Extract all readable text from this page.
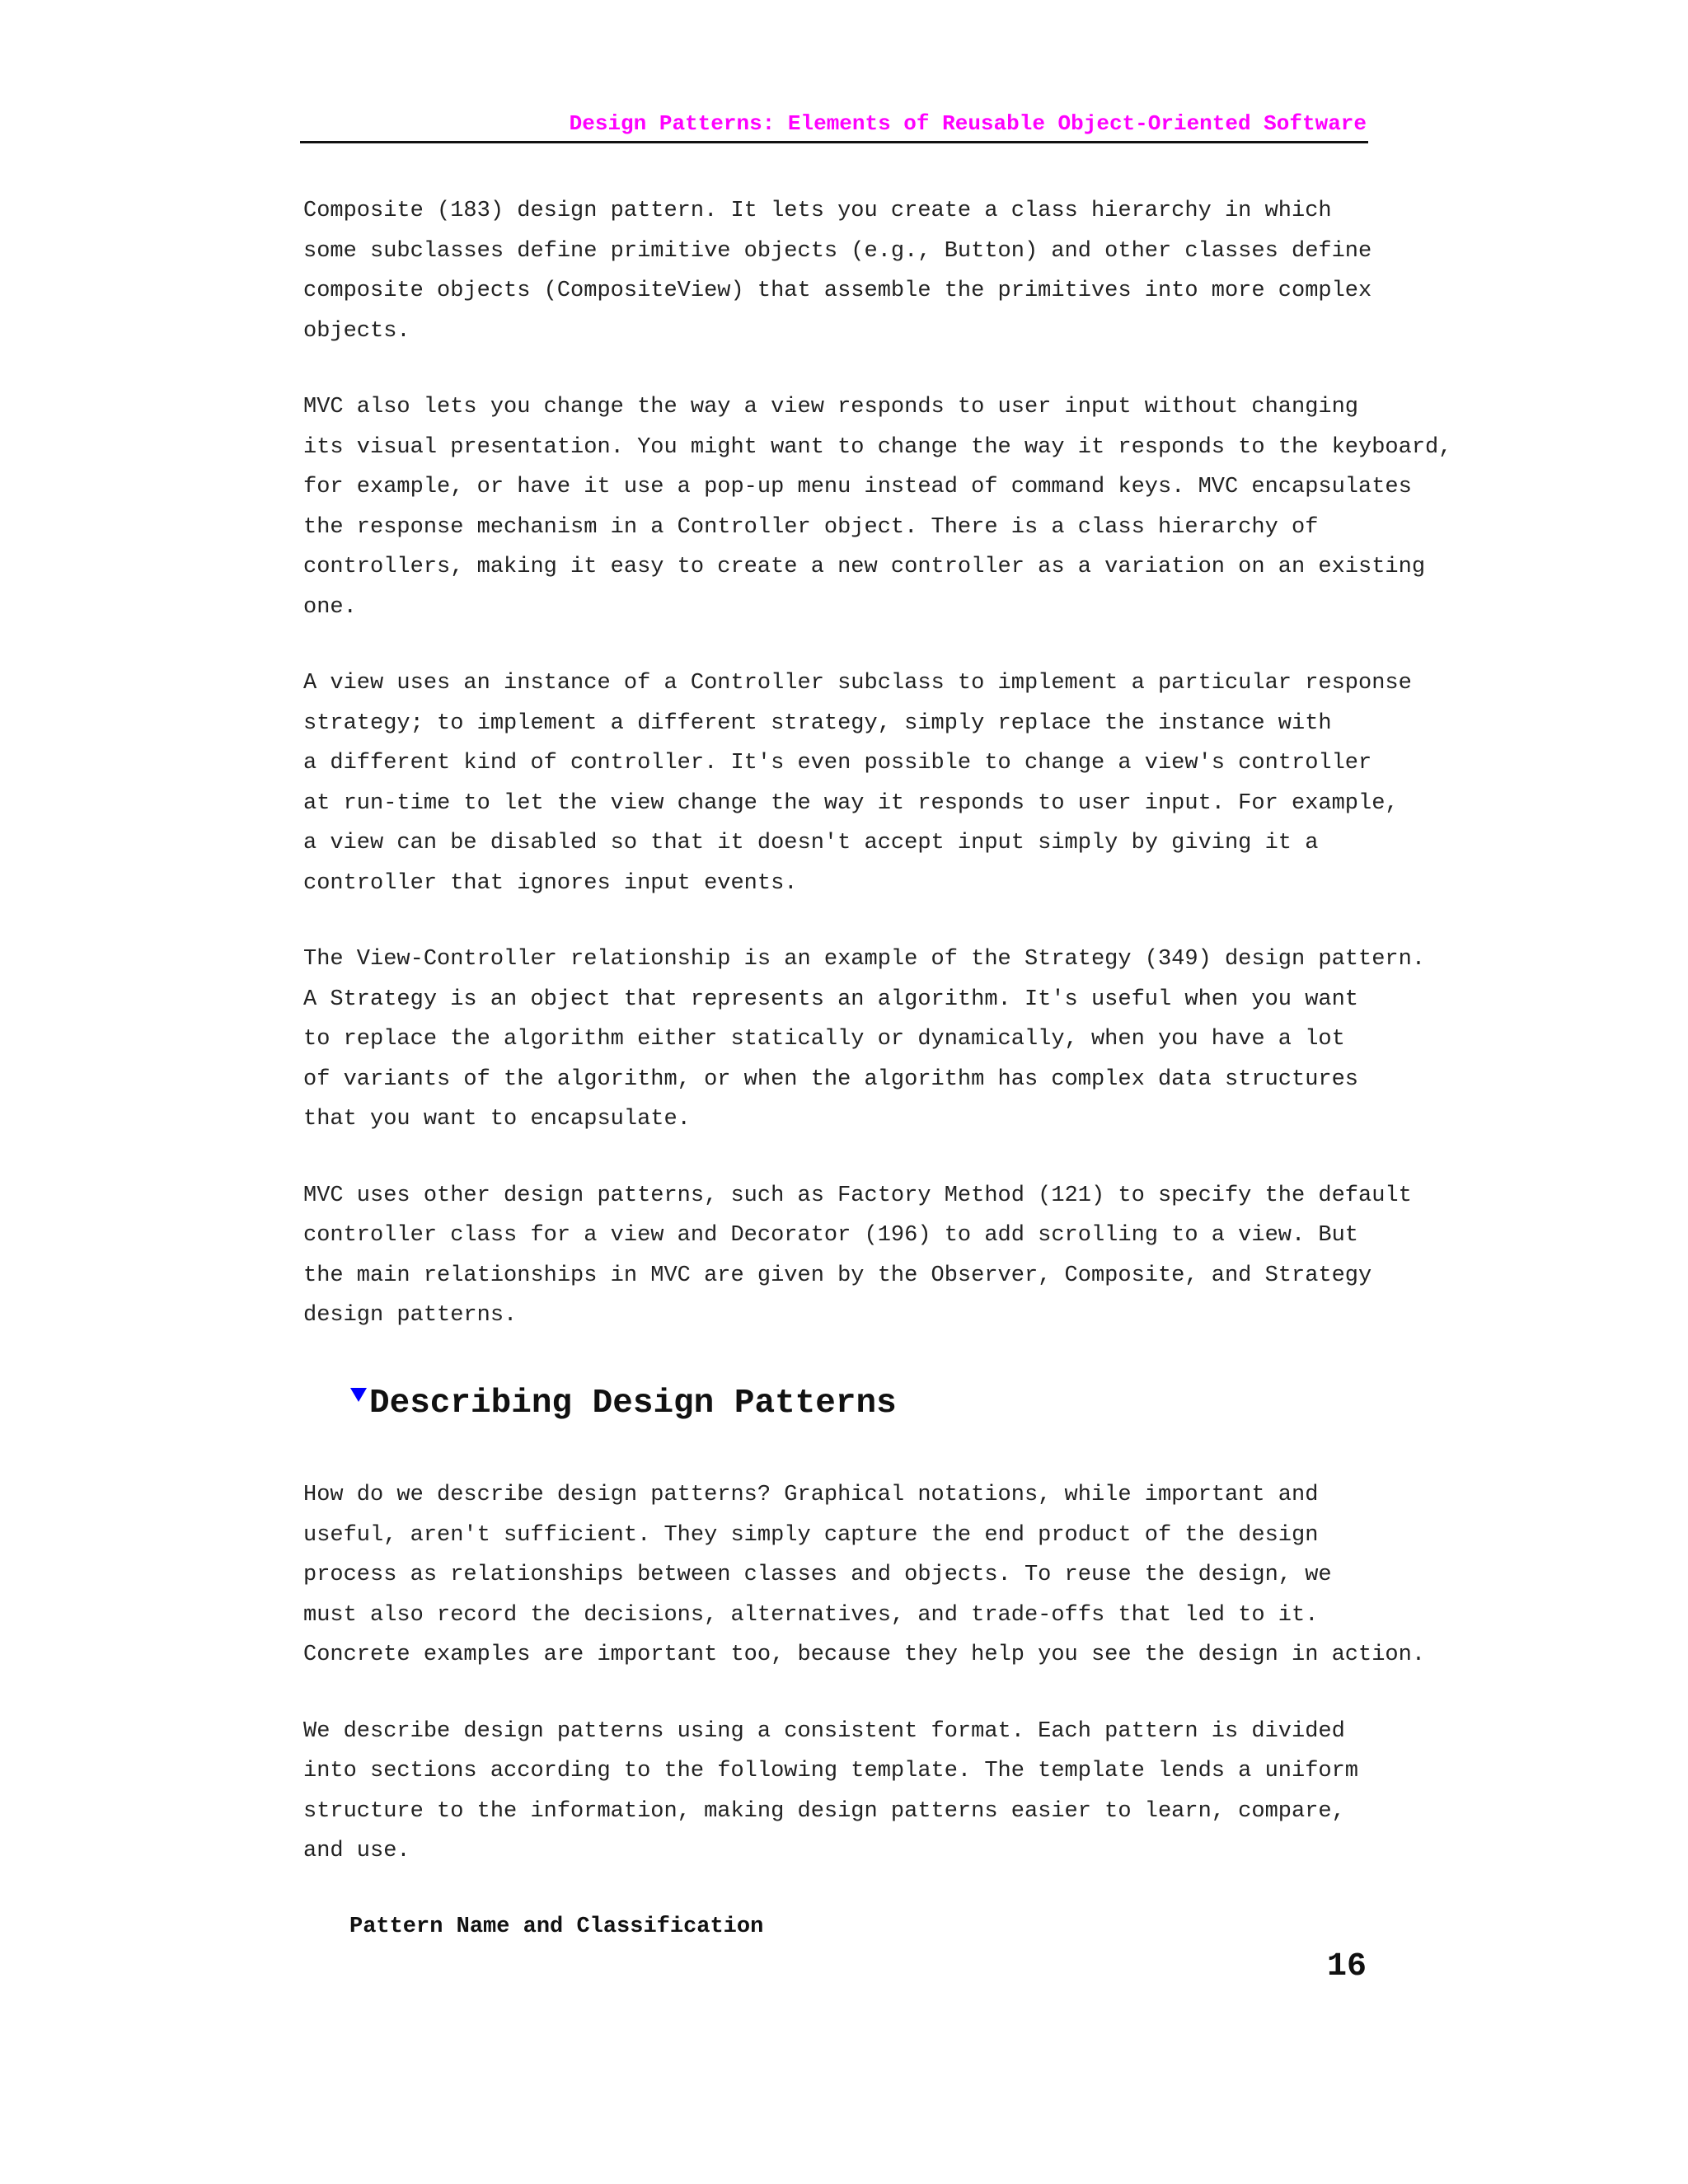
Design Patterns: Elements of Reusable Object-Oriented Software

Composite (183) design pattern. It lets you create a class hierarchy in which
some subclasses define primitive objects (e.g., Button) and other classes define
composite objects (CompositeView) that assemble the primitives into more complex
objects.

MVC also lets you change the way a view responds to user input without changing
its visual presentation. You might want to change the way it responds to the keyboard,
for example, or have it use a pop-up menu instead of command keys. MVC encapsulates
the response mechanism in a Controller object. There is a class hierarchy of
controllers, making it easy to create a new controller as a variation on an existing
one.

A view uses an instance of a Controller subclass to implement a particular response
strategy; to implement a different strategy, simply replace the instance with
a different kind of controller. It's even possible to change a view's controller
at run-time to let the view change the way it responds to user input. For example,
a view can be disabled so that it doesn't accept input simply by giving it a
controller that ignores input events.

The View-Controller relationship is an example of the Strategy (349) design pattern.
A Strategy is an object that represents an algorithm. It's useful when you want
to replace the algorithm either statically or dynamically, when you have a lot
of variants of the algorithm, or when the algorithm has complex data structures
that you want to encapsulate.

MVC uses other design patterns, such as Factory Method (121) to specify the default
controller class for a view and Decorator (196) to add scrolling to a view. But
the main relationships in MVC are given by the Observer, Composite, and Strategy
design patterns.

Describing Design Patterns

How do we describe design patterns? Graphical notations, while important and
useful, aren't sufficient. They simply capture the end product of the design
process as relationships between classes and objects. To reuse the design, we
must also record the decisions, alternatives, and trade-offs that led to it.
Concrete examples are important too, because they help you see the design in action.

We describe design patterns using a consistent format. Each pattern is divided
into sections according to the following template. The template lends a uniform
structure to the information, making design patterns easier to learn, compare,
and use.

Pattern Name and Classification
16
